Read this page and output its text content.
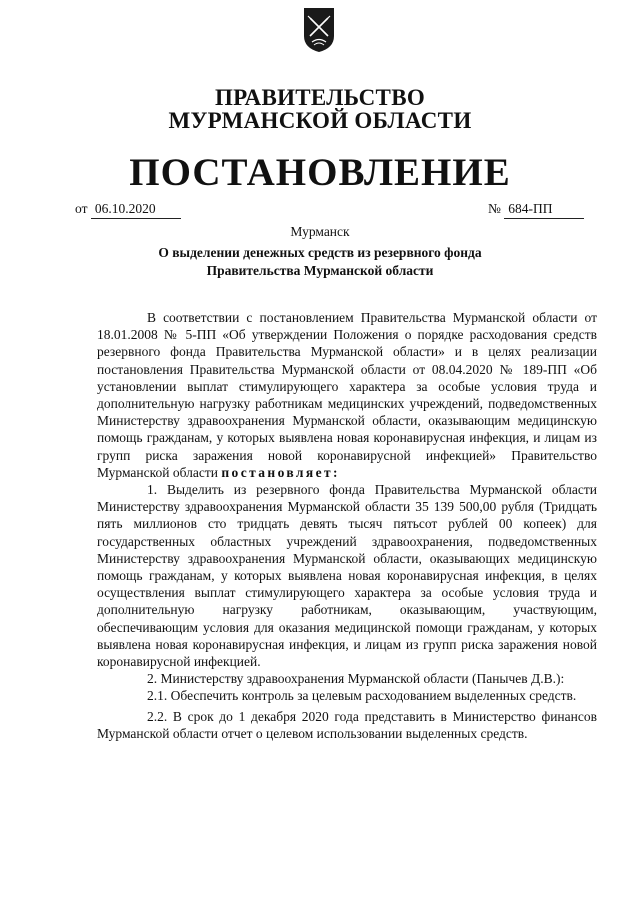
ПРАВИТЕЛЬСТВО
МУРМАНСКОЙ ОБЛАСТИ
ПОСТАНОВЛЕНИЕ
от 06.10.2020	№ 684-ПП
Мурманск
О выделении денежных средств из резервного фонда
Правительства Мурманской области

В соответствии с постановлением Правительства Мурманской области от 18.01.2008 № 5-ПП «Об утверждении Положения о порядке расходования средств резервного фонда Правительства Мурманской области» и в целях реализации постановления Правительства Мурманской области от 08.04.2020 № 189-ПП «Об установлении выплат стимулирующего характера за особые условия труда и дополнительную нагрузку работникам медицинских учреждений, подведомственных Министерству здравоохранения Мурманской области, оказывающим медицинскую помощь гражданам, у которых выявлена новая коронавирусная инфекция, и лицам из групп риска заражения новой коронавирусной инфекцией» Правительство Мурманской области постановляет:

1. Выделить из резервного фонда Правительства Мурманской области Министерству здравоохранения Мурманской области 35 139 500,00 рубля (Тридцать пять миллионов сто тридцать девять тысяч пятьсот рублей 00 копеек) для государственных областных учреждений здравоохранения, подведомственных Министерству здравоохранения Мурманской области, оказывающих медицинскую помощь гражданам, у которых выявлена новая коронавирусная инфекция, в целях осуществления выплат стимулирующего характера за особые условия труда и дополнительную нагрузку работникам, оказывающим, участвующим, обеспечивающим условия для оказания медицинской помощи гражданам, у которых выявлена новая коронавирусная инфекция, и лицам из групп риска заражения новой коронавирусной инфекцией.

2. Министерству здравоохранения Мурманской области (Панычев Д.В.):

2.1. Обеспечить контроль за целевым расходованием выделенных средств.

2.2. В срок до 1 декабря 2020 года представить в Министерство финансов Мурманской области отчет о целевом использовании выделенных средств.
